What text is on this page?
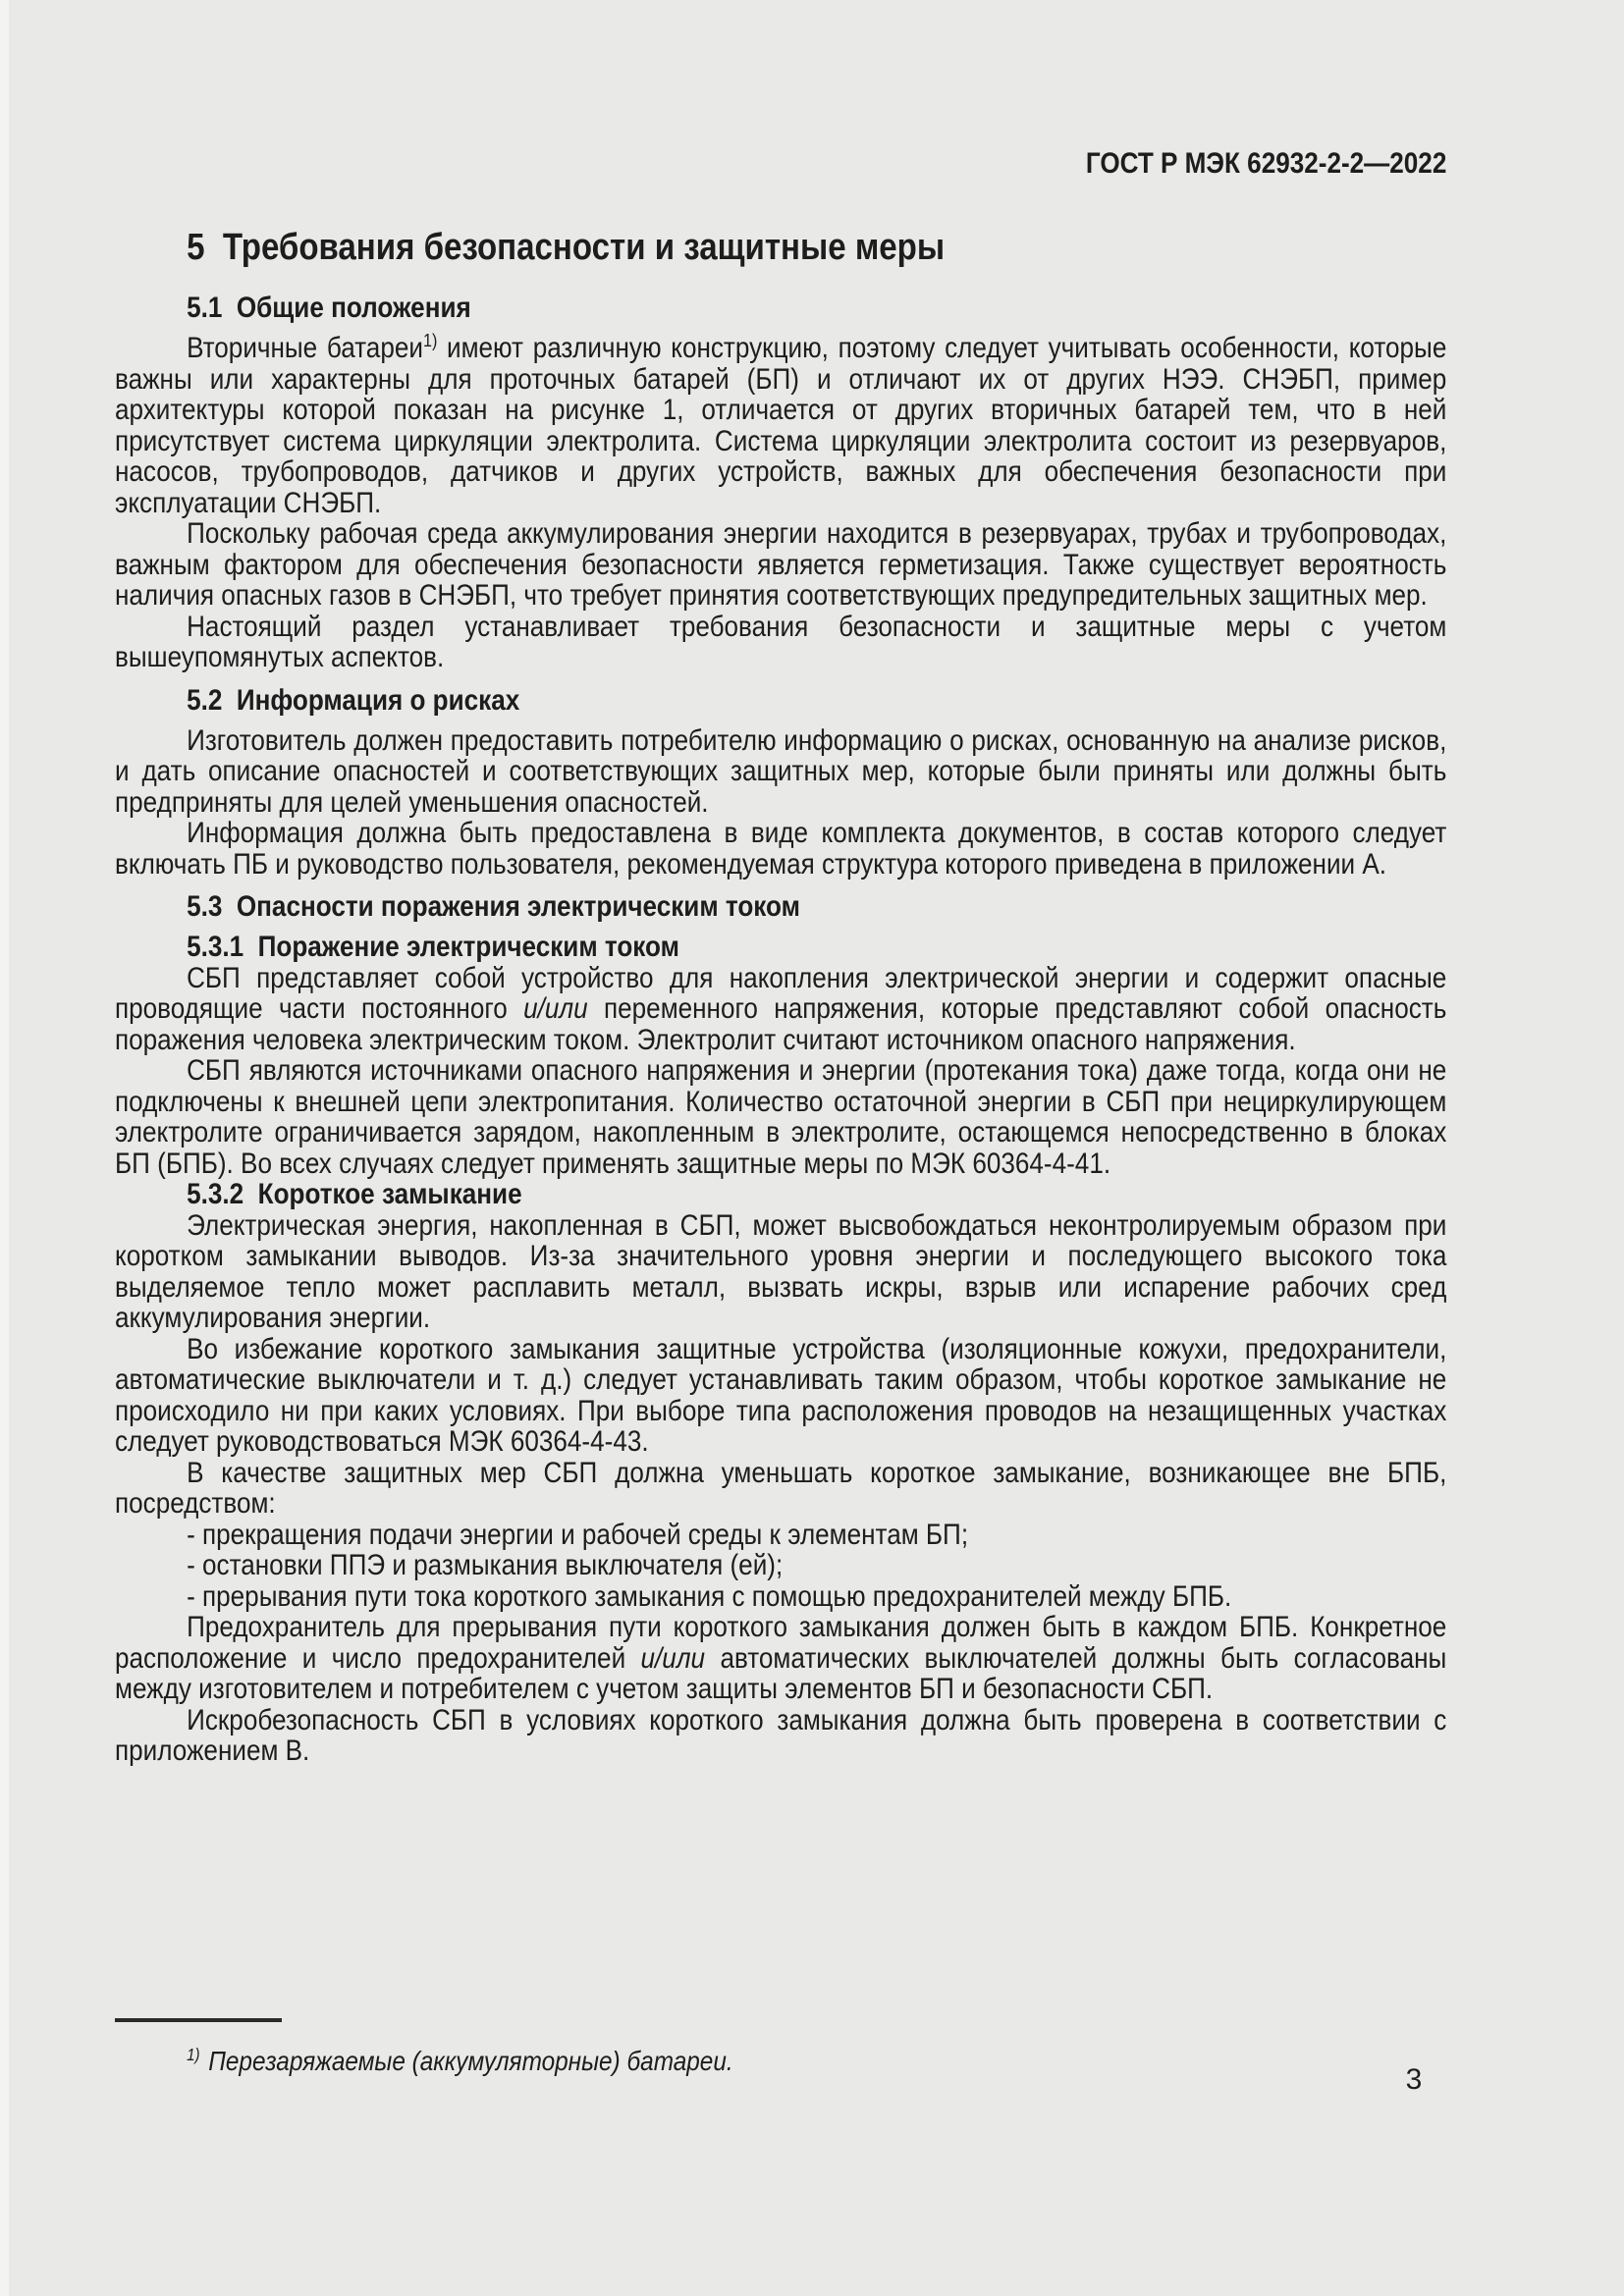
ГОСТ Р МЭК 62932-2-2—2022
5  Требования безопасности и защитные меры
5.1  Общие положения
Вторичные батареи$^{1)}$ имеют различную конструкцию, поэтому следует учитывать особенности, которые важны или характерны для проточных батарей (БП) и отличают их от других НЭЭ. СНЭБП, пример архитектуры которой показан на рисунке 1, отличается от других вторичных батарей тем, что в ней присутствует система циркуляции электролита. Система циркуляции электролита состоит из резервуаров, насосов, трубопроводов, датчиков и других устройств, важных для обеспечения безопасности при эксплуатации СНЭБП.
Поскольку рабочая среда аккумулирования энергии находится в резервуарах, трубах и трубопроводах, важным фактором для обеспечения безопасности является герметизация. Также существует вероятность наличия опасных газов в СНЭБП, что требует принятия соответствующих предупредительных защитных мер.
Настоящий раздел устанавливает требования безопасности и защитные меры с учетом вышеупомянутых аспектов.
5.2  Информация о рисках
Изготовитель должен предоставить потребителю информацию о рисках, основанную на анализе рисков, и дать описание опасностей и соответствующих защитных мер, которые были приняты или должны быть предприняты для целей уменьшения опасностей.
Информация должна быть предоставлена в виде комплекта документов, в состав которого следует включать ПБ и руководство пользователя, рекомендуемая структура которого приведена в приложении А.
5.3  Опасности поражения электрическим током
5.3.1  Поражение электрическим током
СБП представляет собой устройство для накопления электрической энергии и содержит опасные проводящие части постоянного и/или переменного напряжения, которые представляют собой опасность поражения человека электрическим током. Электролит считают источником опасного напряжения.
СБП являются источниками опасного напряжения и энергии (протекания тока) даже тогда, когда они не подключены к внешней цепи электропитания. Количество остаточной энергии в СБП при нециркулирующем электролите ограничивается зарядом, накопленным в электролите, остающемся непосредственно в блоках БП (БПБ). Во всех случаях следует применять защитные меры по МЭК 60364-4-41.
5.3.2  Короткое замыкание
Электрическая энергия, накопленная в СБП, может высвобождаться неконтролируемым образом при коротком замыкании выводов. Из-за значительного уровня энергии и последующего высокого тока выделяемое тепло может расплавить металл, вызвать искры, взрыв или испарение рабочих сред аккумулирования энергии.
Во избежание короткого замыкания защитные устройства (изоляционные кожухи, предохранители, автоматические выключатели и т. д.) следует устанавливать таким образом, чтобы короткое замыкание не происходило ни при каких условиях. При выборе типа расположения проводов на незащищенных участках следует руководствоваться МЭК 60364-4-43.
В качестве защитных мер СБП должна уменьшать короткое замыкание, возникающее вне БПБ, посредством:
- прекращения подачи энергии и рабочей среды к элементам БП;
- остановки ППЭ и размыкания выключателя (ей);
- прерывания пути тока короткого замыкания с помощью предохранителей между БПБ.
Предохранитель для прерывания пути короткого замыкания должен быть в каждом БПБ. Конкретное расположение и число предохранителей и/или автоматических выключателей должны быть согласованы между изготовителем и потребителем с учетом защиты элементов БП и безопасности СБП.
Искробезопасность СБП в условиях короткого замыкания должна быть проверена в соответствии с приложением В.
$^{1)}$ Перезаряжаемые (аккумуляторные) батареи.
3
